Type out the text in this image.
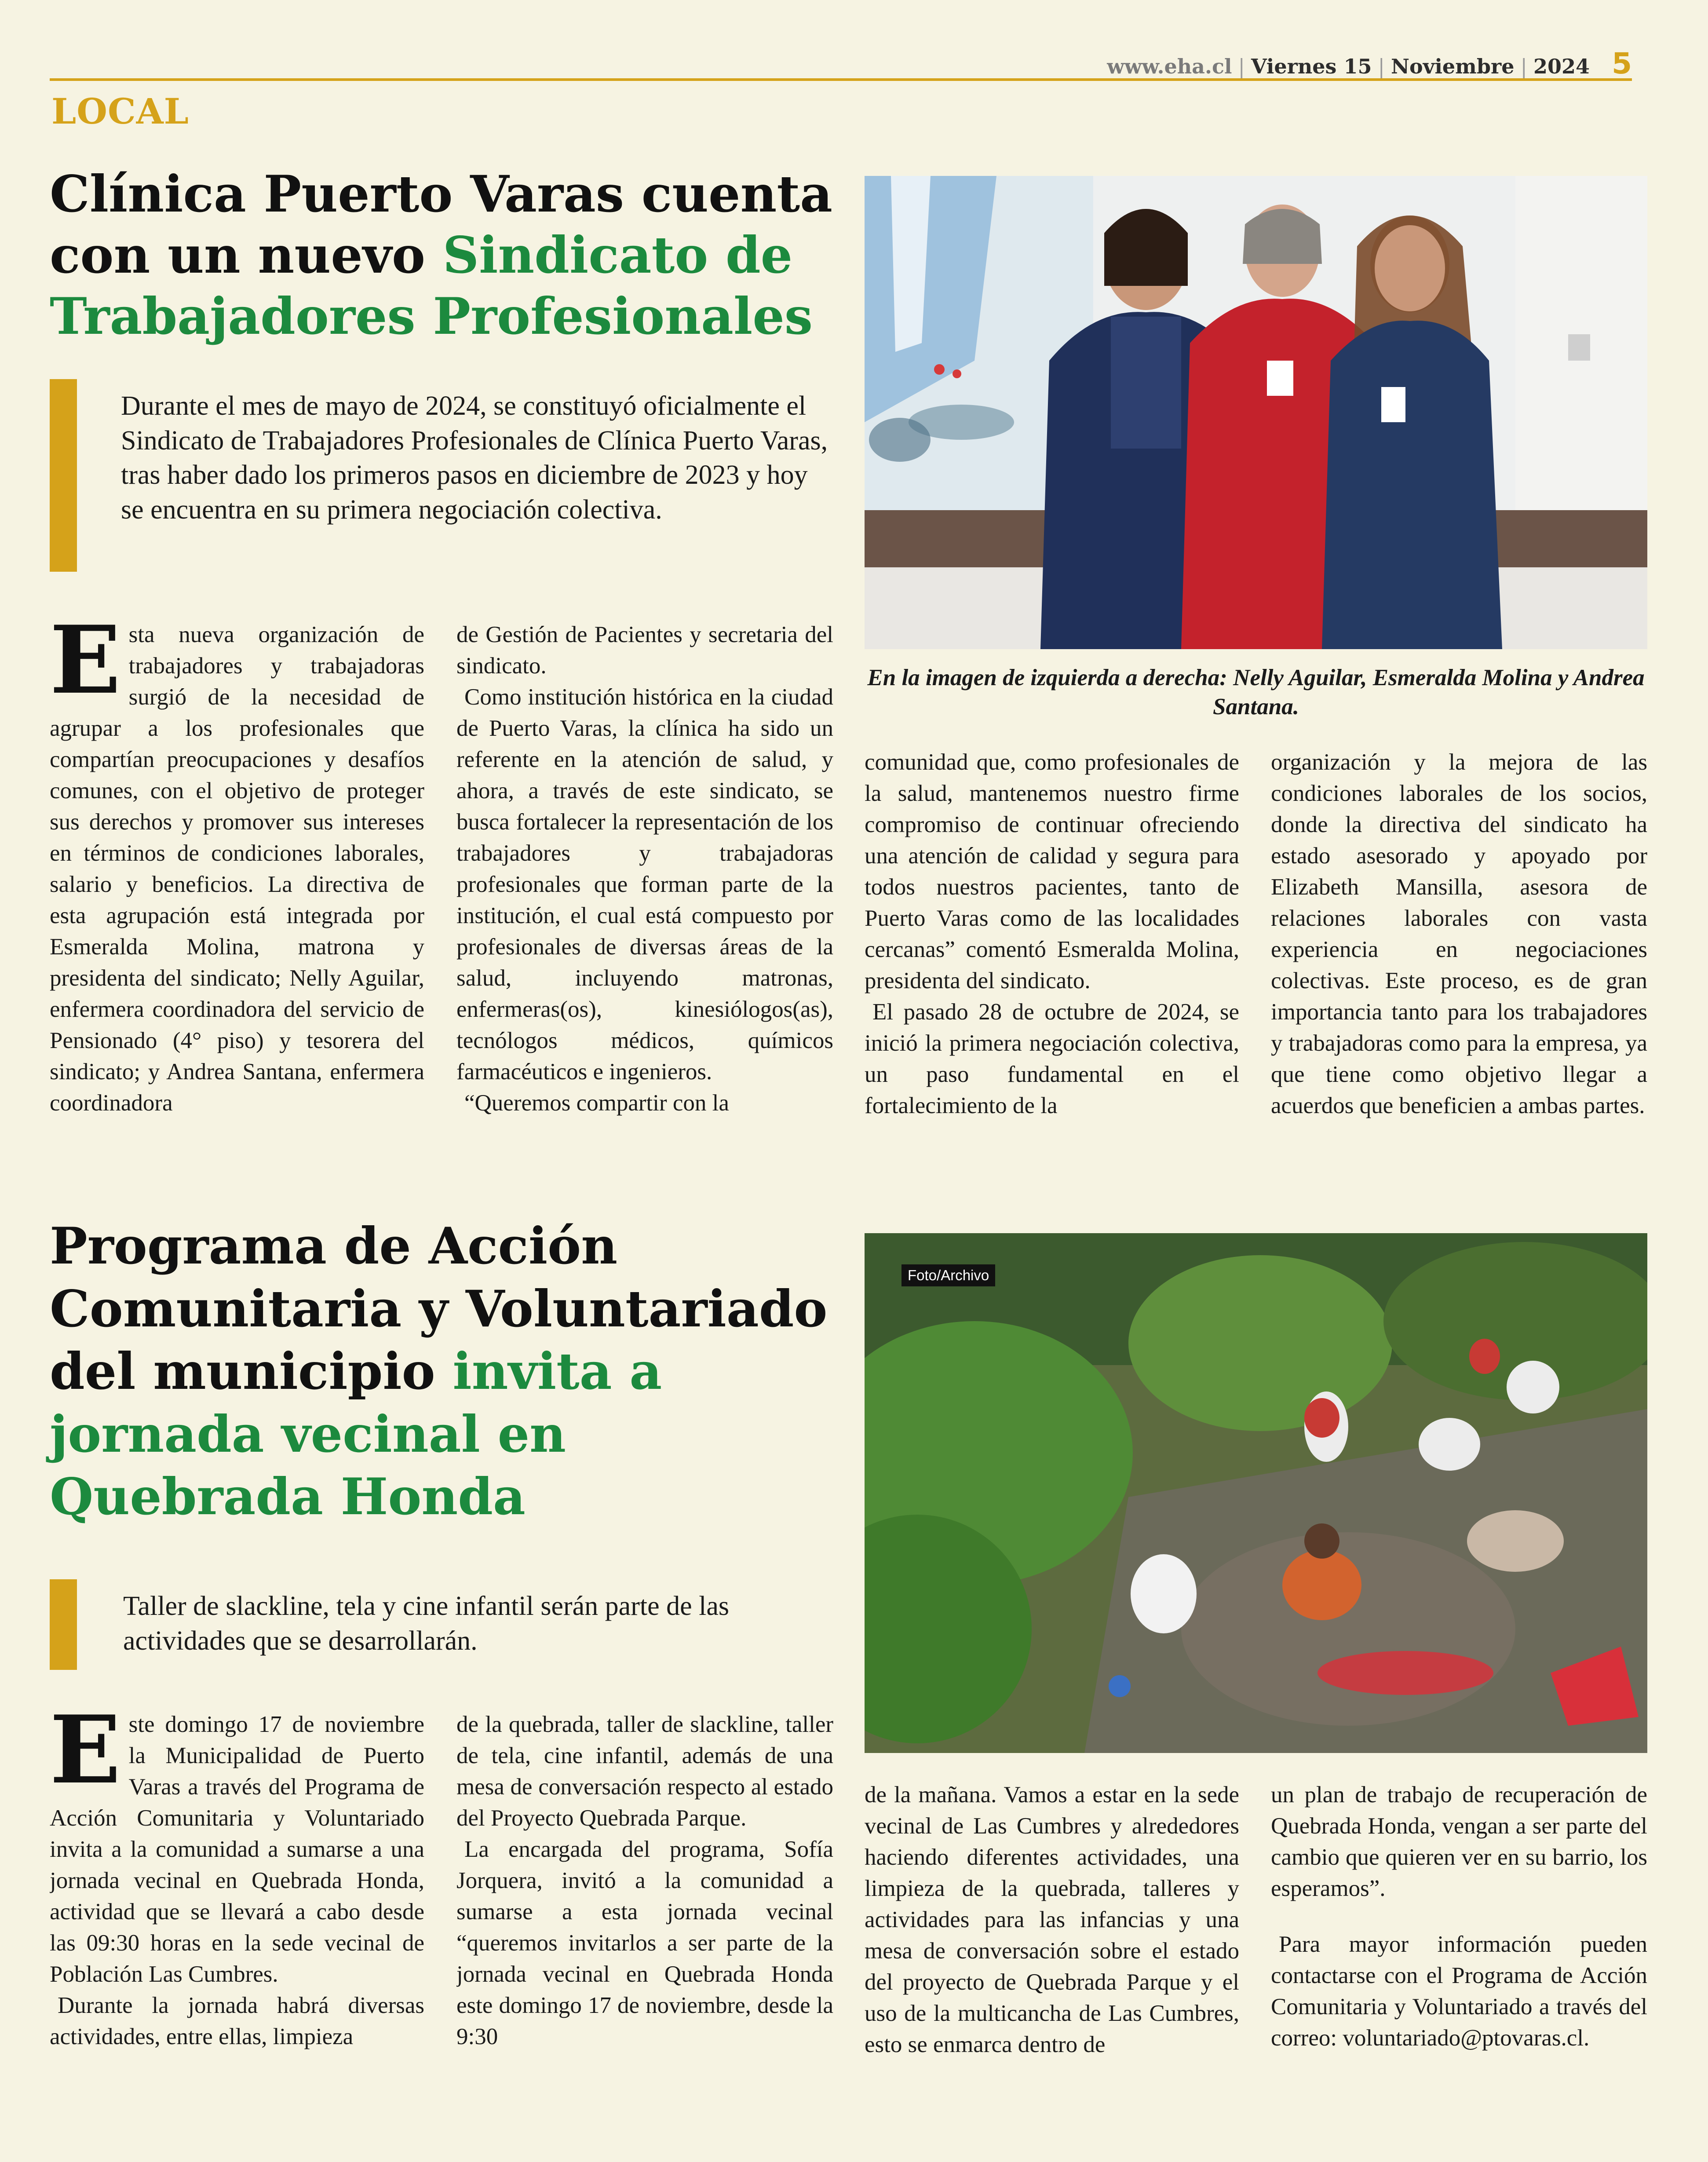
www.eha.cl | Viernes 15 | Noviembre | 2024 5
LOCAL
Clínica Puerto Varas cuenta con un nuevo Sindicato de Trabajadores Profesionales
Durante el mes de mayo de 2024, se constituyó oficialmente el Sindicato de Trabajadores Profesionales de Clínica Puerto Varas, tras haber dado los primeros pasos en diciembre de 2023 y hoy se encuentra en su primera negociación colectiva.
En la imagen de izquierda a derecha: Nelly Aguilar, Esmeralda Molina y Andrea Santana.

Esta nueva organización de trabajadores y trabajadoras surgió de la necesidad de agrupar a los profesionales que compartían preocupaciones y desafíos comunes, con el objetivo de proteger sus derechos y promover sus intereses en términos de condiciones laborales, salario y beneficios. La directiva de esta agrupación está integrada por Esmeralda Molina, matrona y presidenta del sindicato; Nelly Aguilar, enfermera coordinadora del servicio de Pensionado (4° piso) y tesorera del sindicato; y Andrea Santana, enfermera coordinadora

de Gestión de Pacientes y secretaria del sindicato.

Como institución histórica en la ciudad de Puerto Varas, la clínica ha sido un referente en la atención de salud, y ahora, a través de este sindicato, se busca fortalecer la representación de los trabajadores y trabajadoras profesionales que forman parte de la institución, el cual está compuesto por profesionales de diversas áreas de la salud, incluyendo matronas, enfermeras(os), kinesiólogos(as), tecnólogos médicos, químicos farmacéuticos e ingenieros.

“Queremos compartir con la

comunidad que, como profesionales de la salud, mantenemos nuestro firme compromiso de continuar ofreciendo una atención de calidad y segura para todos nuestros pacientes, tanto de Puerto Varas como de las localidades cercanas” comentó Esmeralda Molina, presidenta del sindicato.

El pasado 28 de octubre de 2024, se inició la primera negociación colectiva, un paso fundamental en el fortalecimiento de la

organización y la mejora de las condiciones laborales de los socios, donde la directiva del sindicato ha estado asesorado y apoyado por Elizabeth Mansilla, asesora de relaciones laborales con vasta experiencia en negociaciones colectivas. Este proceso, es de gran importancia tanto para los trabajadores y trabajadoras como para la empresa, ya que tiene como objetivo llegar a acuerdos que beneficien a ambas partes.

Programa de Acción Comunitaria y Voluntariado del municipio invita a jornada vecinal en Quebrada Honda
Taller de slackline, tela y cine infantil serán parte de las actividades que se desarrollarán.
Foto/Archivo

Este domingo 17 de noviembre la Municipalidad de Puerto Varas a través del Programa de Acción Comunitaria y Voluntariado invita a la comunidad a sumarse a una jornada vecinal en Quebrada Honda, actividad que se llevará a cabo desde las 09:30 horas en la sede vecinal de Población Las Cumbres.

Durante la jornada habrá diversas actividades, entre ellas, limpieza

de la quebrada, taller de slackline, taller de tela, cine infantil, además de una mesa de conversación respecto al estado del Proyecto Quebrada Parque.

La encargada del programa, Sofía Jorquera, invitó a la comunidad a sumarse a esta jornada vecinal “queremos invitarlos a ser parte de la jornada vecinal en Quebrada Honda este domingo 17 de noviembre, desde la 9:30

de la mañana. Vamos a estar en la sede vecinal de Las Cumbres y alrededores haciendo diferentes actividades, una limpieza de la quebrada, talleres y actividades para las infancias y una mesa de conversación sobre el estado del proyecto de Quebrada Parque y el uso de la multicancha de Las Cumbres, esto se enmarca dentro de

un plan de trabajo de recuperación de Quebrada Honda, vengan a ser parte del cambio que quieren ver en su barrio, los esperamos”.

Para mayor información pueden contactarse con el Programa de Acción Comunitaria y Voluntariado a través del correo: voluntariado@ptovaras.cl.
